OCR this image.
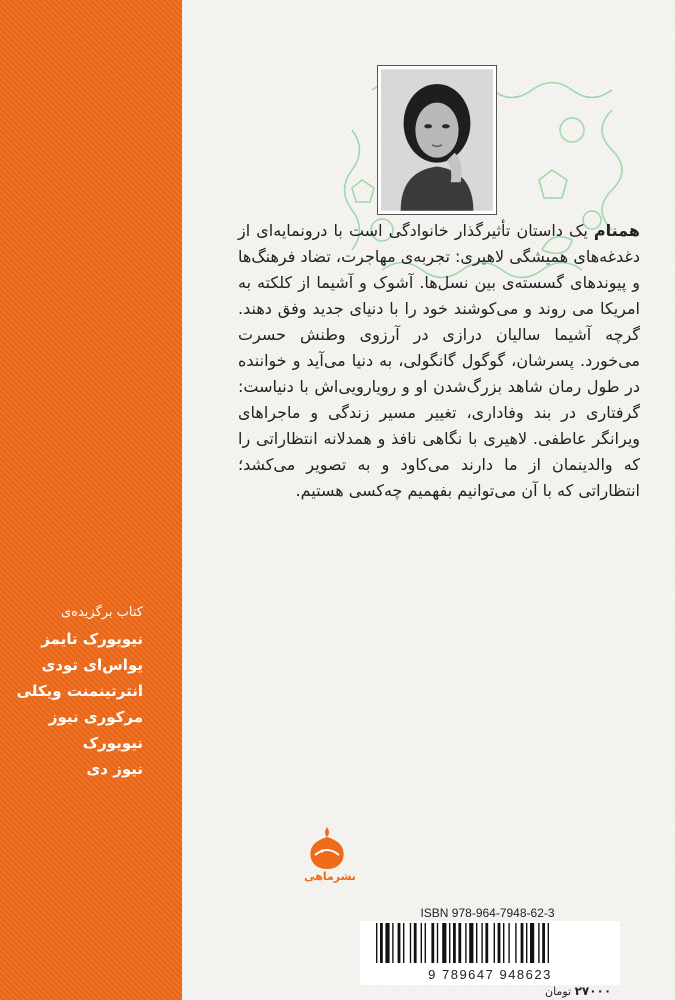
همنام یک داستان تأثیرگذار خانوادگی است با درونمایه‌ای از دغدغه‌های همیشگی لاهیری: تجربه‌ی مهاجرت، تضاد فرهنگ‌ها و پیوندهای گسسته‌ی بین نسل‌ها. آشوک و آشیما از کلکته به امریکا می روند و می‌کوشند خود را با دنیای جدید وفق دهند. گرچه آشیما سالیان درازی در آرزوی وطنش حسرت می‌خورد. پسرشان، گوگول گانگولی، به دنیا می‌آید و خواننده در طول رمان شاهد بزرگ‌شدن او و رویارویی‌اش با دنیاست: گرفتاری در بند وفاداری، تغییر مسیر زندگی و ماجراهای ویرانگر عاطفی. لاهیری با نگاهی نافذ و همدلانه انتظاراتی را که والدینمان از ما دارند می‌کاود و به تصویر می‌کشد؛ انتظاراتی که با آن می‌توانیم بفهمیم چه‌کسی هستیم.
کتاب برگزیده‌ی
نیویورک تایمز
یواس‌ای تودی
انترتینمنت ویکلی
مرکوری نیوز
نیویورک
نیوز دی
نشرماهی
ISBN 978-964-7948-62-3
9 789647 948623
۲۷۰۰۰ تومان
